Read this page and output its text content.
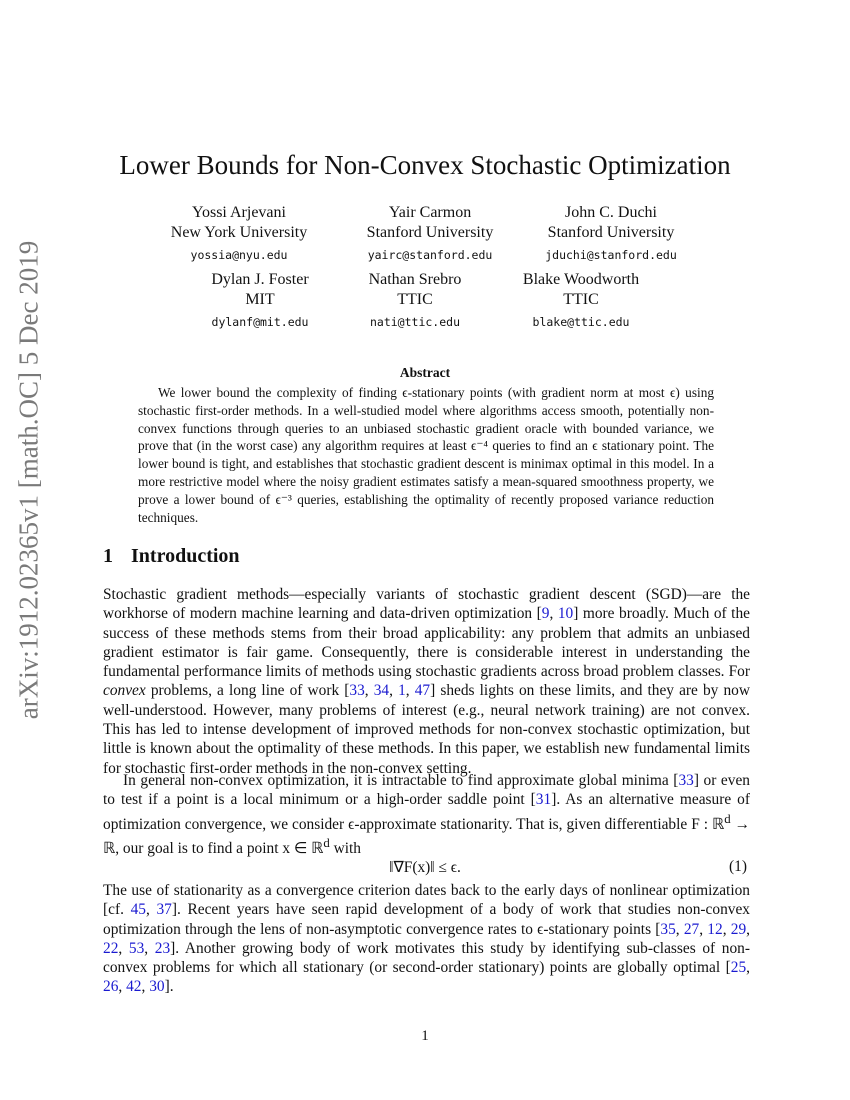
arXiv:1912.02365v1 [math.OC] 5 Dec 2019
Lower Bounds for Non-Convex Stochastic Optimization
Yossi Arjevani
New York University
yossia@nyu.edu
Yair Carmon
Stanford University
yairc@stanford.edu
John C. Duchi
Stanford University
jduchi@stanford.edu
Dylan J. Foster
MIT
dylanf@mit.edu
Nathan Srebro
TTIC
nati@ttic.edu
Blake Woodworth
TTIC
blake@ttic.edu
Abstract
We lower bound the complexity of finding ϵ-stationary points (with gradient norm at most ϵ) using stochastic first-order methods. In a well-studied model where algorithms access smooth, potentially non-convex functions through queries to an unbiased stochastic gradient oracle with bounded variance, we prove that (in the worst case) any algorithm requires at least ϵ⁻⁴ queries to find an ϵ stationary point. The lower bound is tight, and establishes that stochastic gradient descent is minimax optimal in this model. In a more restrictive model where the noisy gradient estimates satisfy a mean-squared smoothness property, we prove a lower bound of ϵ⁻³ queries, establishing the optimality of recently proposed variance reduction techniques.
1 Introduction
Stochastic gradient methods—especially variants of stochastic gradient descent (SGD)—are the workhorse of modern machine learning and data-driven optimization [9, 10] more broadly. Much of the success of these methods stems from their broad applicability: any problem that admits an unbiased gradient estimator is fair game. Consequently, there is considerable interest in understanding the fundamental performance limits of methods using stochastic gradients across broad problem classes. For convex problems, a long line of work [33, 34, 1, 47] sheds lights on these limits, and they are by now well-understood. However, many problems of interest (e.g., neural network training) are not convex. This has led to intense development of improved methods for non-convex stochastic optimization, but little is known about the optimality of these methods. In this paper, we establish new fundamental limits for stochastic first-order methods in the non-convex setting.
In general non-convex optimization, it is intractable to find approximate global minima [33] or even to test if a point is a local minimum or a high-order saddle point [31]. As an alternative measure of optimization convergence, we consider ϵ-approximate stationarity. That is, given differentiable F : ℝ$^d$ → ℝ, our goal is to find a point x ∈ ℝ$^d$ with
‖∇F(x)‖ ≤ ϵ.	(1)
The use of stationarity as a convergence criterion dates back to the early days of nonlinear optimization [cf. 45, 37]. Recent years have seen rapid development of a body of work that studies non-convex optimization through the lens of non-asymptotic convergence rates to ϵ-stationary points [35, 27, 12, 29, 22, 53, 23]. Another growing body of work motivates this study by identifying sub-classes of non-convex problems for which all stationary (or second-order stationary) points are globally optimal [25, 26, 42, 30].
1
